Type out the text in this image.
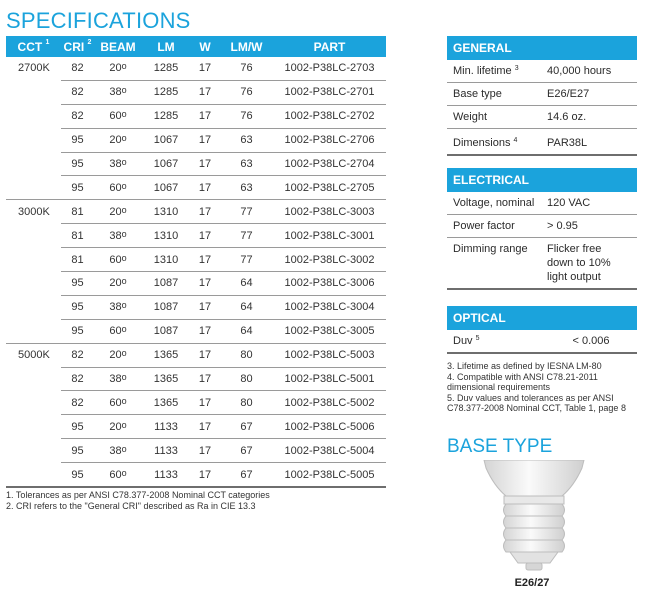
SPECIFICATIONS
CCT $^1$	CRI $^2$	BEAM	LM	W	LM/W	PART
2700K	82	20$^o$	1285	17	76	1002-P38LC-2703
	82	38$^o$	1285	17	76	1002-P38LC-2701
	82	60$^o$	1285	17	76	1002-P38LC-2702
	95	20$^o$	1067	17	63	1002-P38LC-2706
	95	38$^o$	1067	17	63	1002-P38LC-2704
	95	60$^o$	1067	17	63	1002-P38LC-2705
3000K	81	20$^o$	1310	17	77	1002-P38LC-3003
	81	38$^o$	1310	17	77	1002-P38LC-3001
	81	60$^o$	1310	17	77	1002-P38LC-3002
	95	20$^o$	1087	17	64	1002-P38LC-3006
	95	38$^o$	1087	17	64	1002-P38LC-3004
	95	60$^o$	1087	17	64	1002-P38LC-3005
5000K	82	20$^o$	1365	17	80	1002-P38LC-5003
	82	38$^o$	1365	17	80	1002-P38LC-5001
	82	60$^o$	1365	17	80	1002-P38LC-5002
	95	20$^o$	1133	17	67	1002-P38LC-5006
	95	38$^o$	1133	17	67	1002-P38LC-5004
	95	60$^o$	1133	17	67	1002-P38LC-5005
1. Tolerances as per ANSI C78.377-2008 Nominal CCT categories
2. CRI refers to the "General CRI" described as Ra in CIE 13.3
GENERAL	
Min. lifetime $^3$	40,000 hours
Base type	E26/E27
Weight	14.6 oz.
Dimensions $^4$	PAR38L
ELECTRICAL	
Voltage, nominal	120 VAC
Power factor	> 0.95
Dimming range	Flicker free down to 10% light output
OPTICAL
Duv $^5$	< 0.006
3. Lifetime as defined by IESNA LM-80
4. Compatible with ANSI C78.21-2011 dimensional requirements
5. Duv values and tolerances as per ANSI C78.377-2008 Nominal CCT, Table 1, page 8
BASE TYPE
E26/27
